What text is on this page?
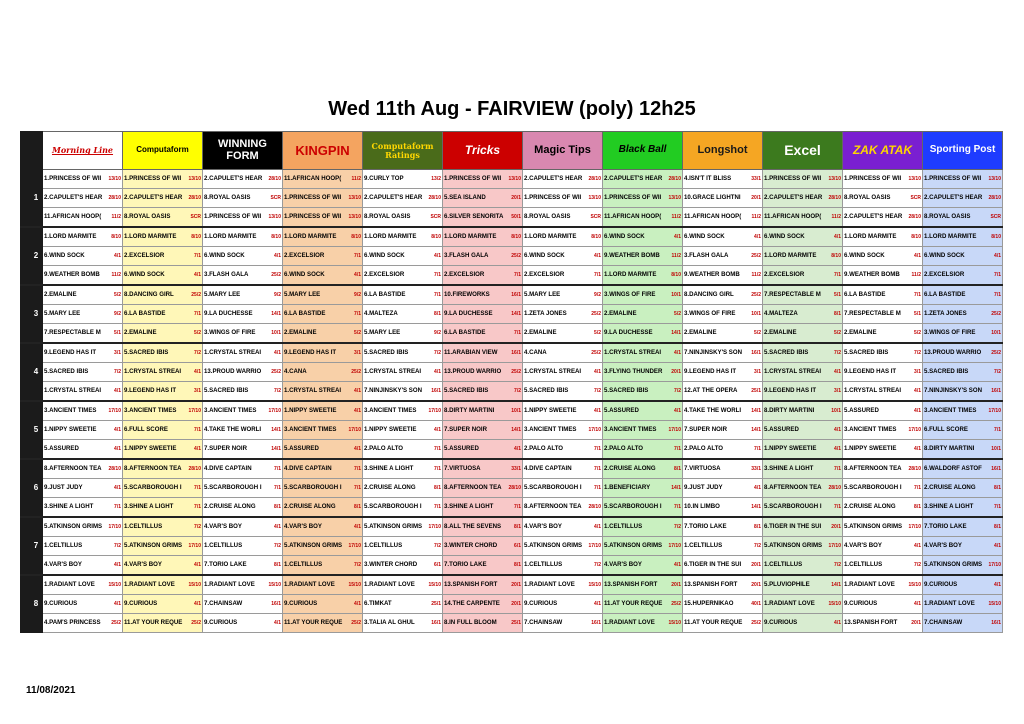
Wed 11th Aug - FAIRVIEW (poly) 12h25

		Morning Line	Computaform	WINNING FORM	KINGPIN	Computaform Ratings	Tricks	Magic Tips	Black Ball	Longshot	Excel	ZAK ATAK	Sporting Post

	1	1.PRINCESS OF WII 13/10	1.PRINCESS OF WII 13/10	2.CAPULET'S HEAR 28/10	11.AFRICAN HOOP( 11/2	9.CURLY TOP 13/2	1.PRINCESS OF WII 13/10	2.CAPULET'S HEAR 28/10	2.CAPULET'S HEAR 28/10	4.ISN'T IT BLISS 33/1	1.PRINCESS OF WII 13/10	1.PRINCESS OF WII 13/10	1.PRINCESS OF WII 13/10

		2.CAPULET'S HEAR 28/10	2.CAPULET'S HEAR 28/10	8.ROYAL OASIS SCR	1.PRINCESS OF WII 13/10	2.CAPULET'S HEAR 28/10	5.SEA ISLAND 20/1	1.PRINCESS OF WII 13/10	1.PRINCESS OF WII 13/10	10.GRACE LIGHTNI 20/1	2.CAPULET'S HEAR 28/10	8.ROYAL OASIS SCR	2.CAPULET'S HEAR 28/10

		11.AFRICAN HOOP( 11/2	8.ROYAL OASIS SCR	1.PRINCESS OF WII 13/10	1.PRINCESS OF WII 13/10	8.ROYAL OASIS SCR	6.SILVER SENORITA 50/1	8.ROYAL OASIS SCR	11.AFRICAN HOOP( 11/2	11.AFRICAN HOOP( 11/2	11.AFRICAN HOOP( 11/2	2.CAPULET'S HEAR 28/10	8.ROYAL OASIS SCR

	2	1.LORD MARMITE 8/10	1.LORD MARMITE 8/10	1.LORD MARMITE 8/10	1.LORD MARMITE 8/10	1.LORD MARMITE 8/10	1.LORD MARMITE 8/10	1.LORD MARMITE 8/10	6.WIND SOCK 4/1	6.WIND SOCK 4/1	6.WIND SOCK 4/1	1.LORD MARMITE 8/10	1.LORD MARMITE 8/10

		6.WIND SOCK 4/1	2.EXCELSIOR 7/1	6.WIND SOCK 4/1	2.EXCELSIOR 7/1	6.WIND SOCK 4/1	3.FLASH GALA 25/2	6.WIND SOCK 4/1	9.WEATHER BOMB 11/2	3.FLASH GALA 25/2	1.LORD MARMITE 8/10	6.WIND SOCK 4/1	6.WIND SOCK 4/1

		9.WEATHER BOMB 11/2	6.WIND SOCK 4/1	3.FLASH GALA 25/2	6.WIND SOCK 4/1	2.EXCELSIOR 7/1	2.EXCELSIOR 7/1	2.EXCELSIOR 7/1	1.LORD MARMITE 8/10	9.WEATHER BOMB 11/2	2.EXCELSIOR 7/1	9.WEATHER BOMB 11/2	2.EXCELSIOR 7/1

	3	2.EMALINE 5/2	8.DANCING GIRL 25/2	5.MARY LEE 9/2	5.MARY LEE 9/2	6.LA BASTIDE 7/1	10.FIREWORKS 16/1	5.MARY LEE 9/2	3.WINGS OF FIRE 10/1	8.DANCING GIRL 25/2	7.RESPECTABLE M 5/1	6.LA BASTIDE 7/1	6.LA BASTIDE 7/1

		5.MARY LEE 9/2	6.LA BASTIDE 7/1	9.LA DUCHESSE 14/1	6.LA BASTIDE 7/1	4.MALTEZA 8/1	9.LA DUCHESSE 14/1	1.ZETA JONES 25/2	2.EMALINE 5/2	3.WINGS OF FIRE 10/1	4.MALTEZA 8/1	7.RESPECTABLE M 5/1	1.ZETA JONES 25/2

		7.RESPECTABLE M 5/1	2.EMALINE 5/2	3.WINGS OF FIRE 10/1	2.EMALINE 5/2	5.MARY LEE 9/2	6.LA BASTIDE 7/1	2.EMALINE 5/2	9.LA DUCHESSE 14/1	2.EMALINE 5/2	2.EMALINE 5/2	2.EMALINE 5/2	3.WINGS OF FIRE 10/1

	4	9.LEGEND HAS IT 3/1	5.SACRED IBIS 7/2	1.CRYSTAL STREAI 4/1	9.LEGEND HAS IT 3/1	5.SACRED IBIS 7/2	11.ARABIAN VIEW 16/1	4.CANA 25/2	1.CRYSTAL STREAI 4/1	7.NINJINSKY'S SON 16/1	5.SACRED IBIS 7/2	5.SACRED IBIS 7/2	13.PROUD WARRIO 25/2

		5.SACRED IBIS 7/2	1.CRYSTAL STREAI 4/1	13.PROUD WARRIO 25/2	4.CANA 25/2	1.CRYSTAL STREAI 4/1	13.PROUD WARRIO 25/2	1.CRYSTAL STREAI 4/1	3.FLYING THUNDER 20/1	9.LEGEND HAS IT 3/1	1.CRYSTAL STREAI 4/1	9.LEGEND HAS IT 3/1	5.SACRED IBIS 7/2

		1.CRYSTAL STREAI 4/1	9.LEGEND HAS IT 3/1	5.SACRED IBIS 7/2	1.CRYSTAL STREAI 4/1	7.NINJINSKY'S SON 16/1	5.SACRED IBIS 7/2	5.SACRED IBIS 7/2	5.SACRED IBIS 7/2	12.AT THE OPERA 25/1	9.LEGEND HAS IT 3/1	1.CRYSTAL STREAI 4/1	7.NINJINSKY'S SON 16/1

	5	3.ANCIENT TIMES 17/10	3.ANCIENT TIMES 17/10	3.ANCIENT TIMES 17/10	1.NIPPY SWEETIE 4/1	3.ANCIENT TIMES 17/10	8.DIRTY MARTINI 10/1	1.NIPPY SWEETIE 4/1	5.ASSURED 4/1	4.TAKE THE WORLI 14/1	8.DIRTY MARTINI 10/1	5.ASSURED 4/1	3.ANCIENT TIMES 17/10

		1.NIPPY SWEETIE 4/1	6.FULL SCORE 7/1	4.TAKE THE WORLI 14/1	3.ANCIENT TIMES 17/10	1.NIPPY SWEETIE 4/1	7.SUPER NOIR 14/1	3.ANCIENT TIMES 17/10	3.ANCIENT TIMES 17/10	7.SUPER NOIR 14/1	5.ASSURED 4/1	3.ANCIENT TIMES 17/10	6.FULL SCORE 7/1

		5.ASSURED 4/1	1.NIPPY SWEETIE 4/1	7.SUPER NOIR 14/1	5.ASSURED 4/1	2.PALO ALTO 7/1	5.ASSURED 4/1	2.PALO ALTO 7/1	2.PALO ALTO 7/1	2.PALO ALTO 7/1	1.NIPPY SWEETIE 4/1	1.NIPPY SWEETIE 4/1	8.DIRTY MARTINI 10/1

	6	8.AFTERNOON TEA 28/10	8.AFTERNOON TEA 28/10	4.DIVE CAPTAIN 7/1	4.DIVE CAPTAIN 7/1	3.SHINE A LIGHT 7/1	7.VIRTUOSA 33/1	4.DIVE CAPTAIN 7/1	2.CRUISE ALONG 8/1	7.VIRTUOSA 33/1	3.SHINE A LIGHT 7/1	8.AFTERNOON TEA 28/10	6.WALDORF ASTOF 16/1

		9.JUST JUDY 4/1	5.SCARBOROUGH I 7/1	5.SCARBOROUGH I 7/1	5.SCARBOROUGH I 7/1	2.CRUISE ALONG 8/1	8.AFTERNOON TEA 28/10	5.SCARBOROUGH I 7/1	1.BENEFICIARY 14/1	9.JUST JUDY 4/1	8.AFTERNOON TEA 28/10	5.SCARBOROUGH I 7/1	2.CRUISE ALONG 8/1

		3.SHINE A LIGHT 7/1	3.SHINE A LIGHT 7/1	2.CRUISE ALONG 8/1	2.CRUISE ALONG 8/1	5.SCARBOROUGH I 7/1	3.SHINE A LIGHT 7/1	8.AFTERNOON TEA 28/10	5.SCARBOROUGH I 7/1	10.IN LIMBO 14/1	5.SCARBOROUGH I 7/1	2.CRUISE ALONG 8/1	3.SHINE A LIGHT 7/1

	7	5.ATKINSON GRIMS 17/10	1.CELTILLUS 7/2	4.VAR'S BOY 4/1	4.VAR'S BOY 4/1	5.ATKINSON GRIMS 17/10	8.ALL THE SEVENS 8/1	4.VAR'S BOY 4/1	1.CELTILLUS 7/2	7.TORIO LAKE 8/1	6.TIGER IN THE SUI 20/1	5.ATKINSON GRIMS 17/10	7.TORIO LAKE 8/1

		1.CELTILLUS 7/2	5.ATKINSON GRIMS 17/10	1.CELTILLUS 7/2	5.ATKINSON GRIMS 17/10	1.CELTILLUS 7/2	3.WINTER CHORD 6/1	5.ATKINSON GRIMS 17/10	5.ATKINSON GRIMS 17/10	1.CELTILLUS 7/2	5.ATKINSON GRIMS 17/10	4.VAR'S BOY 4/1	4.VAR'S BOY 4/1

		4.VAR'S BOY 4/1	4.VAR'S BOY 4/1	7.TORIO LAKE 8/1	1.CELTILLUS 7/2	3.WINTER CHORD 6/1	7.TORIO LAKE 8/1	1.CELTILLUS 7/2	4.VAR'S BOY 4/1	6.TIGER IN THE SUI 20/1	1.CELTILLUS 7/2	1.CELTILLUS 7/2	5.ATKINSON GRIMS 17/10

	8	1.RADIANT LOVE 15/10	1.RADIANT LOVE 15/10	1.RADIANT LOVE 15/10	1.RADIANT LOVE 15/10	1.RADIANT LOVE 15/10	13.SPANISH FORT 20/1	1.RADIANT LOVE 15/10	13.SPANISH FORT 20/1	13.SPANISH FORT 20/1	5.PLUVIOPHILE 14/1	1.RADIANT LOVE 15/10	9.CURIOUS 4/1

		9.CURIOUS 4/1	9.CURIOUS 4/1	7.CHAINSAW 16/1	9.CURIOUS 4/1	6.TIMKAT 25/1	14.THE CARPENTE 20/1	9.CURIOUS 4/1	11.AT YOUR REQUE 25/2	15.HUPERNIKAO 40/1	1.RADIANT LOVE 15/10	9.CURIOUS 4/1	1.RADIANT LOVE 15/10

		4.PAM'S PRINCESS 25/2	11.AT YOUR REQUE 25/2	9.CURIOUS 4/1	11.AT YOUR REQUE 25/2	3.TALIA AL GHUL 16/1	8.IN FULL BLOOM 25/1	7.CHAINSAW 16/1	1.RADIANT LOVE 15/10	11.AT YOUR REQUE 25/2	9.CURIOUS 4/1	13.SPANISH FORT 20/1	7.CHAINSAW 16/1
11/08/2021
